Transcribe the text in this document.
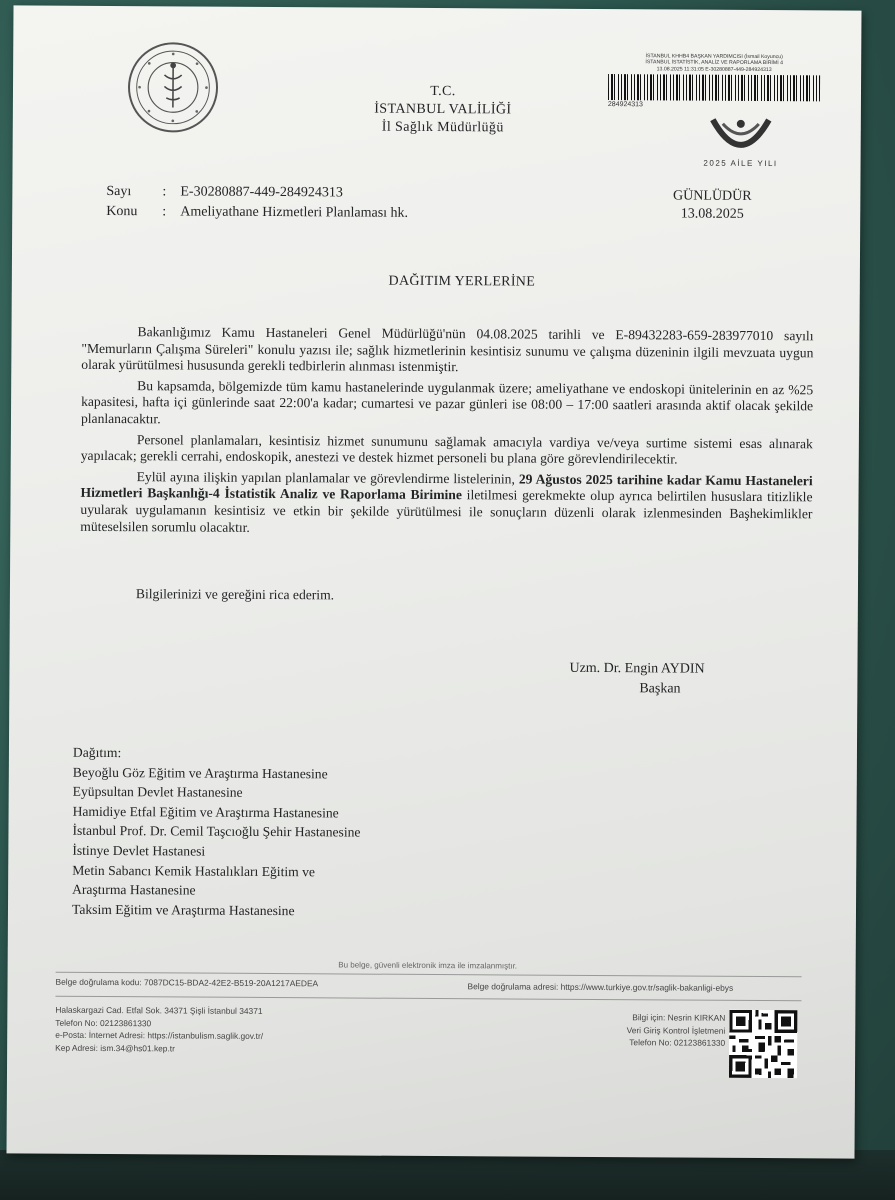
T.C.
İSTANBUL VALİLİĞİ
İl Sağlık Müdürlüğü
İSTANBUL KHHB4 BAŞKAN YARDIMCISI (İsmail Koyuncu)
İSTANBUL İSTATİSTİK, ANALİZ VE RAPORLAMA BİRİMİ 4
13.08.2025 11:31:05 E-30280887-449-284924313
284924313
2025 AİLE YILI
Sayı : E-30280887-449-284924313
Konu : Ameliyathane Hizmetleri Planlaması hk.
GÜNLÜDÜR
13.08.2025
DAĞITIM YERLERİNE

Bakanlığımız Kamu Hastaneleri Genel Müdürlüğü'nün 04.08.2025 tarihli ve E-89432283-659-283977010 sayılı "Memurların Çalışma Süreleri" konulu yazısı ile; sağlık hizmetlerinin kesintisiz sunumu ve çalışma düzeninin ilgili mevzuata uygun olarak yürütülmesi hususunda gerekli tedbirlerin alınması istenmiştir.

Bu kapsamda, bölgemizde tüm kamu hastanelerinde uygulanmak üzere; ameliyathane ve endoskopi ünitelerinin en az %25 kapasitesi, hafta içi günlerinde saat 22:00'a kadar; cumartesi ve pazar günleri ise 08:00 – 17:00 saatleri arasında aktif olacak şekilde planlanacaktır.

Personel planlamaları, kesintisiz hizmet sunumunu sağlamak amacıyla vardiya ve/veya surtime sistemi esas alınarak yapılacak; gerekli cerrahi, endoskopik, anestezi ve destek hizmet personeli bu plana göre görevlendirilecektir.

Eylül ayına ilişkin yapılan planlamalar ve görevlendirme listelerinin, 29 Ağustos 2025 tarihine kadar Kamu Hastaneleri Hizmetleri Başkanlığı-4 İstatistik Analiz ve Raporlama Birimine iletilmesi gerekmekte olup ayrıca belirtilen hususlara titizlikle uyularak uygulamanın kesintisiz ve etkin bir şekilde yürütülmesi ile sonuçların düzenli olarak izlenmesinden Başhekimlikler müteselsilen sorumlu olacaktır.

Bilgilerinizi ve gereğini rica ederim.
Uzm. Dr. Engin AYDIN
Başkan
Dağıtım:
Beyoğlu Göz Eğitim ve Araştırma Hastanesine
Eyüpsultan Devlet Hastanesine
Hamidiye Etfal Eğitim ve Araştırma Hastanesine
İstanbul Prof. Dr. Cemil Taşcıoğlu Şehir Hastanesine
İstinye Devlet Hastanesi
Metin Sabancı Kemik Hastalıkları Eğitim ve
Araştırma Hastanesine
Taksim Eğitim ve Araştırma Hastanesine
Bu belge, güvenli elektronik imza ile imzalanmıştır.
Belge doğrulama kodu: 7087DC15-BDA2-42E2-B519-20A1217AEDEA	Belge doğrulama adresi: https://www.turkiye.gov.tr/saglik-bakanligi-ebys
Halaskargazi Cad. Etfal Sok. 34371 Şişli İstanbul 34371
Telefon No: 02123861330
e-Posta: İnternet Adresi: https://istanbulism.saglik.gov.tr/
Kep Adresi: ism.34@hs01.kep.tr
Bilgi için: Nesrin KIRKAN
Veri Giriş Kontrol İşletmeni
Telefon No: 02123861330
